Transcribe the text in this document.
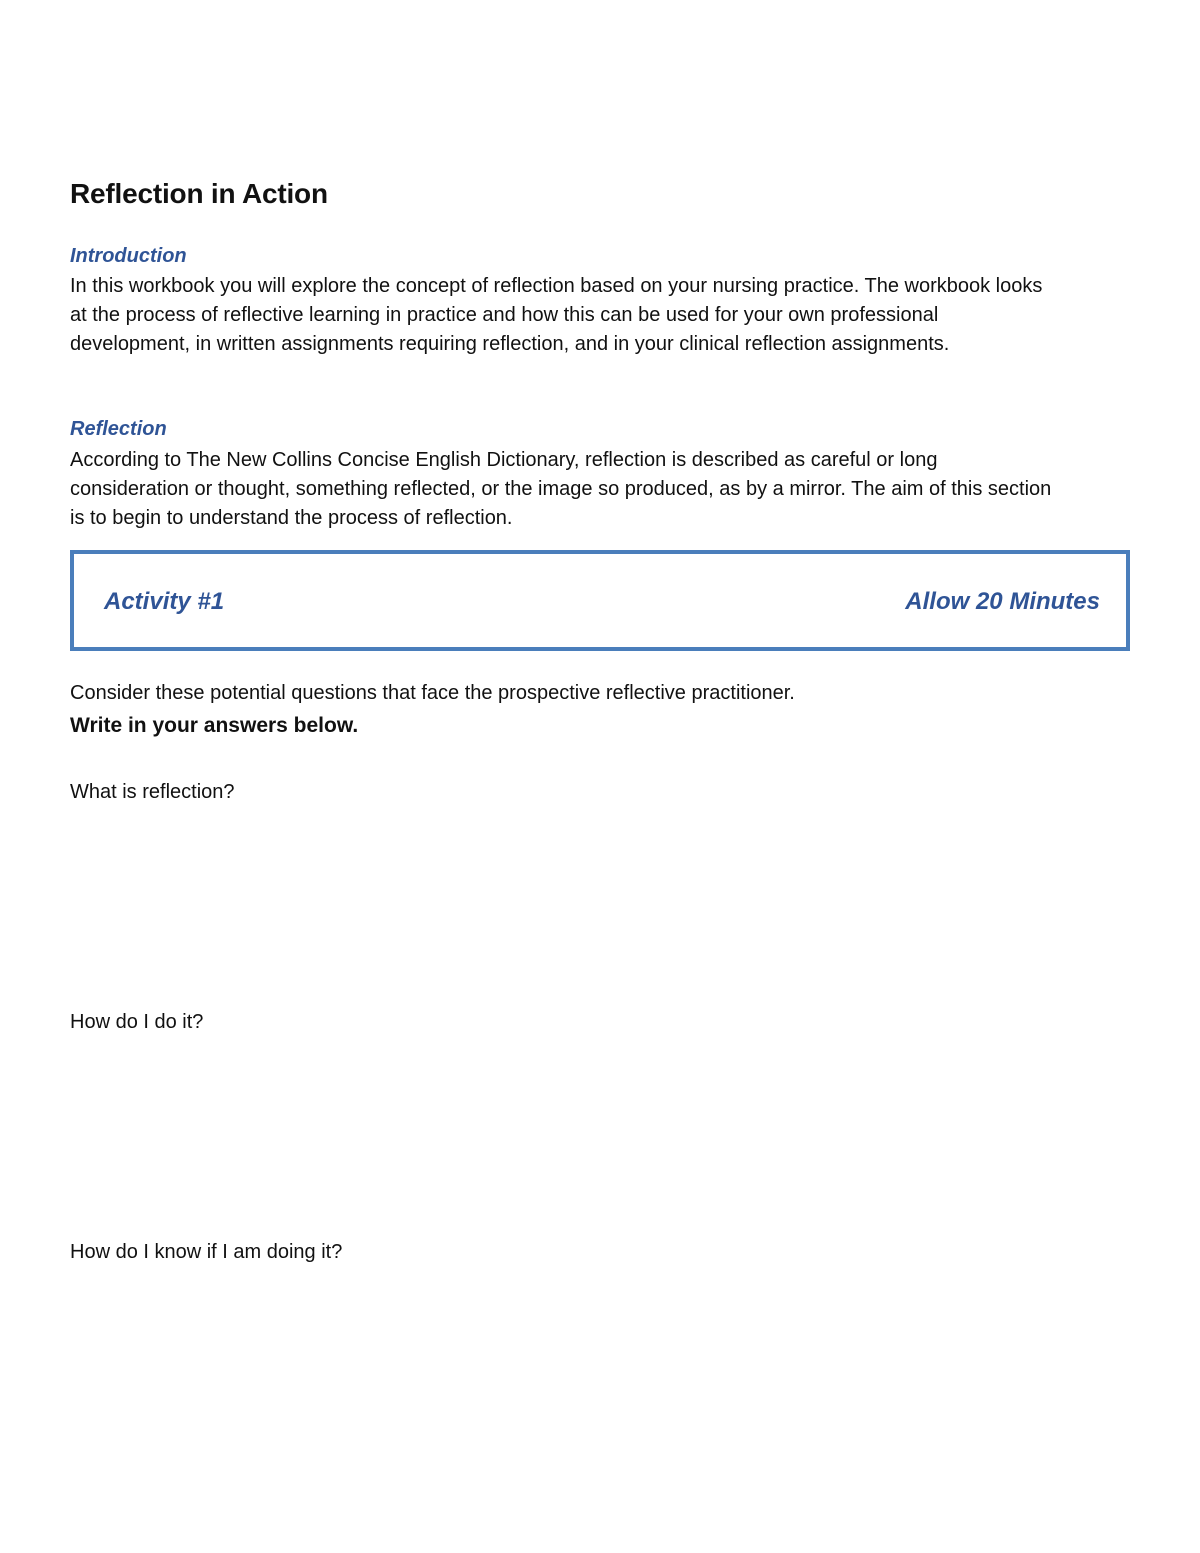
Reflection in Action
Introduction
In this workbook you will explore the concept of reflection based on your nursing practice. The workbook looks at the process of reflective learning in practice and how this can be used for your own professional development, in written assignments requiring reflection, and in your clinical reflection assignments.
Reflection
According to The New Collins Concise English Dictionary, reflection is described as careful or long consideration or thought, something reflected, or the image so produced, as by a mirror. The aim of this section is to begin to understand the process of reflection.
Activity #1	Allow 20 Minutes
Consider these potential questions that face the prospective reflective practitioner.
Write in your answers below.
What is reflection?
How do I do it?
How do I know if I am doing it?
